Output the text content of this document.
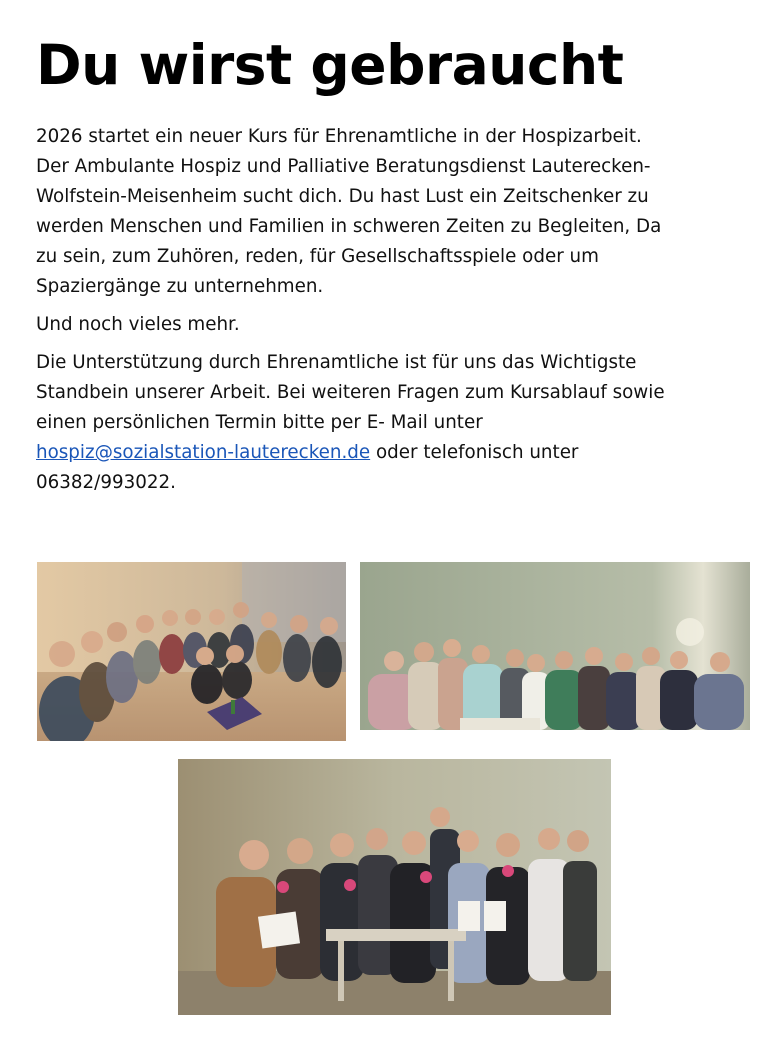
Du wirst gebraucht

2026 startet ein neuer Kurs für Ehrenamtliche in der Hospizarbeit.
Der Ambulante Hospiz und Palliative Beratungsdienst Lauterecken-
Wolfstein-Meisenheim sucht dich. Du hast Lust ein Zeitschenker zu
werden Menschen und Familien in schweren Zeiten zu Begleiten, Da
zu sein, zum Zuhören, reden, für Gesellschaftsspiele oder um
Spaziergänge zu unternehmen.

Und noch vieles mehr.

Die Unterstützung durch Ehrenamtliche ist für uns das Wichtigste
Standbein unserer Arbeit. Bei weiteren Fragen zum Kursablauf sowie
einen persönlichen Termin bitte per E- Mail unter
hospiz@sozialstation-lauterecken.de oder telefonisch unter
06382/993022.
